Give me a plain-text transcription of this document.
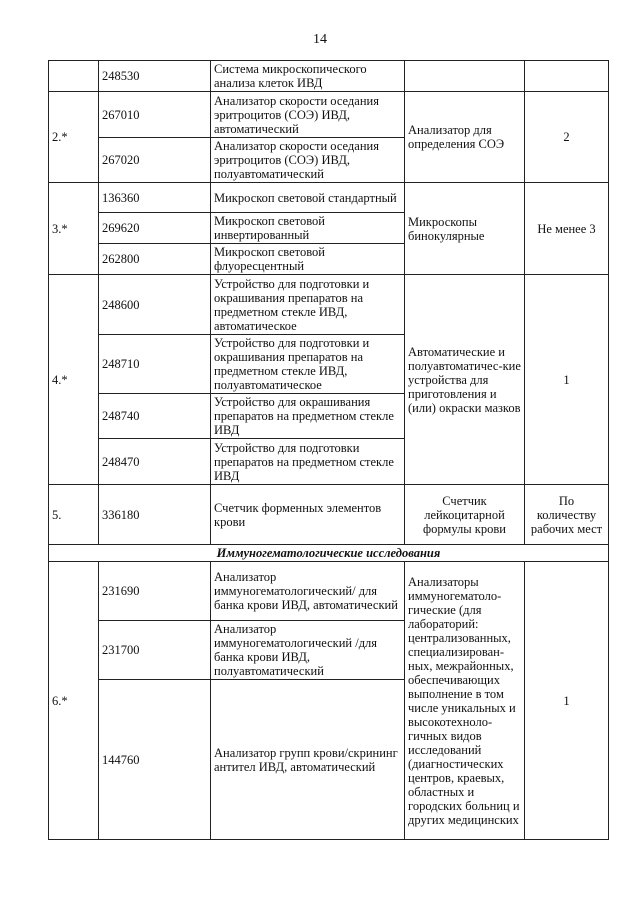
14
	248530	Система микроскопического анализа клеток ИВД		
2.*	267010	Анализатор скорости оседания эритроцитов (СОЭ) ИВД, автоматический	Анализатор для определения СОЭ	2
	267020	Анализатор скорости оседания эритроцитов (СОЭ) ИВД, полуавтоматический		
3.*	136360	Микроскоп световой стандартный	Микроскопы бинокулярные	Не менее 3
	269620	Микроскоп световой инвертированный		
	262800	Микроскоп световой флуоресцентный		
4.*	248600	Устройство для подготовки и окрашивания препаратов на предметном стекле ИВД, автоматическое	Автоматические и полуавтоматичес-кие устройства для приготовления и (или) окраски мазков	1
	248710	Устройство для подготовки и окрашивания препаратов на предметном стекле ИВД, полуавтоматическое		
	248740	Устройство для окрашивания препаратов на предметном стекле ИВД		
	248470	Устройство для подготовки препаратов на предметном стекле ИВД		
5.	336180	Счетчик форменных элементов крови	Счетчик лейкоцитарной формулы крови	По количеству рабочих мест
Иммуногематологические исследования				
6.*	231690	Анализатор иммуногематологический/ для банка крови ИВД, автоматический	Анализаторы иммуногематоло-гические (для лабораторий: централизованных, специализирован-ных, межрайонных, обеспечивающих выполнение в том числе уникальных и высокотехноло-гичных видов исследований (диагностических центров, краевых, областных и городских больниц и других медицинских	1
	231700	Анализатор иммуногематологический /для банка крови ИВД, полуавтоматический		
	144760	Анализатор групп крови/скрининг антител ИВД, автоматический		
